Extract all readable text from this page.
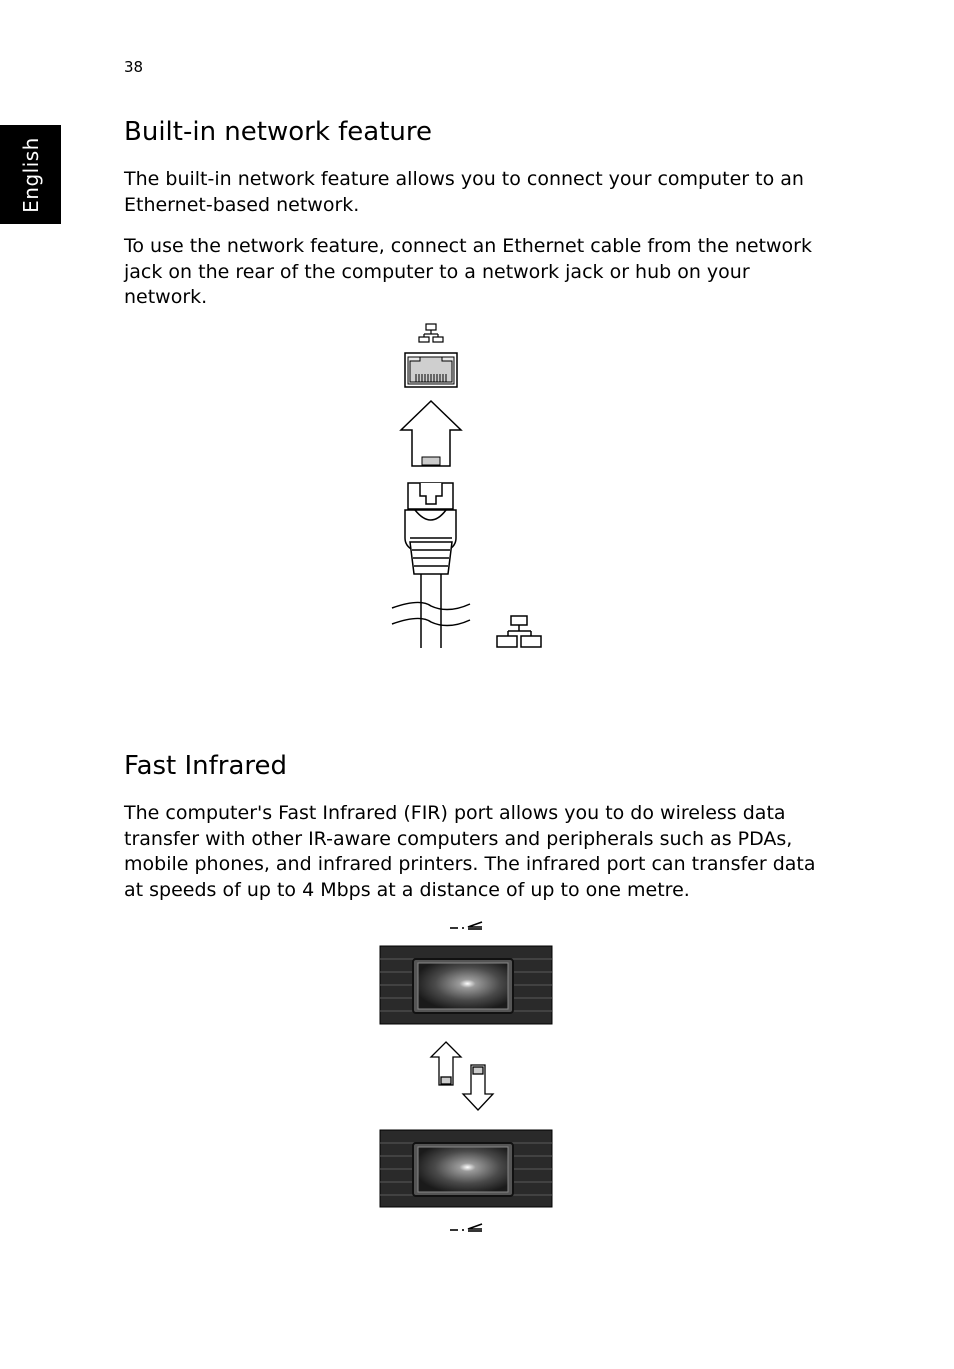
38
English
Built-in network feature

The built-in network feature allows you to connect your computer to an Ethernet-based network.

To use the network feature, connect an Ethernet cable from the network jack on the rear of the computer to a network jack or hub on your network.

Fast Infrared

The computer's Fast Infrared (FIR) port allows you to do wireless data transfer with other IR-aware computers and peripherals such as PDAs, mobile phones, and infrared printers. The infrared port can transfer data at speeds of up to 4 Mbps at a distance of up to one metre.
